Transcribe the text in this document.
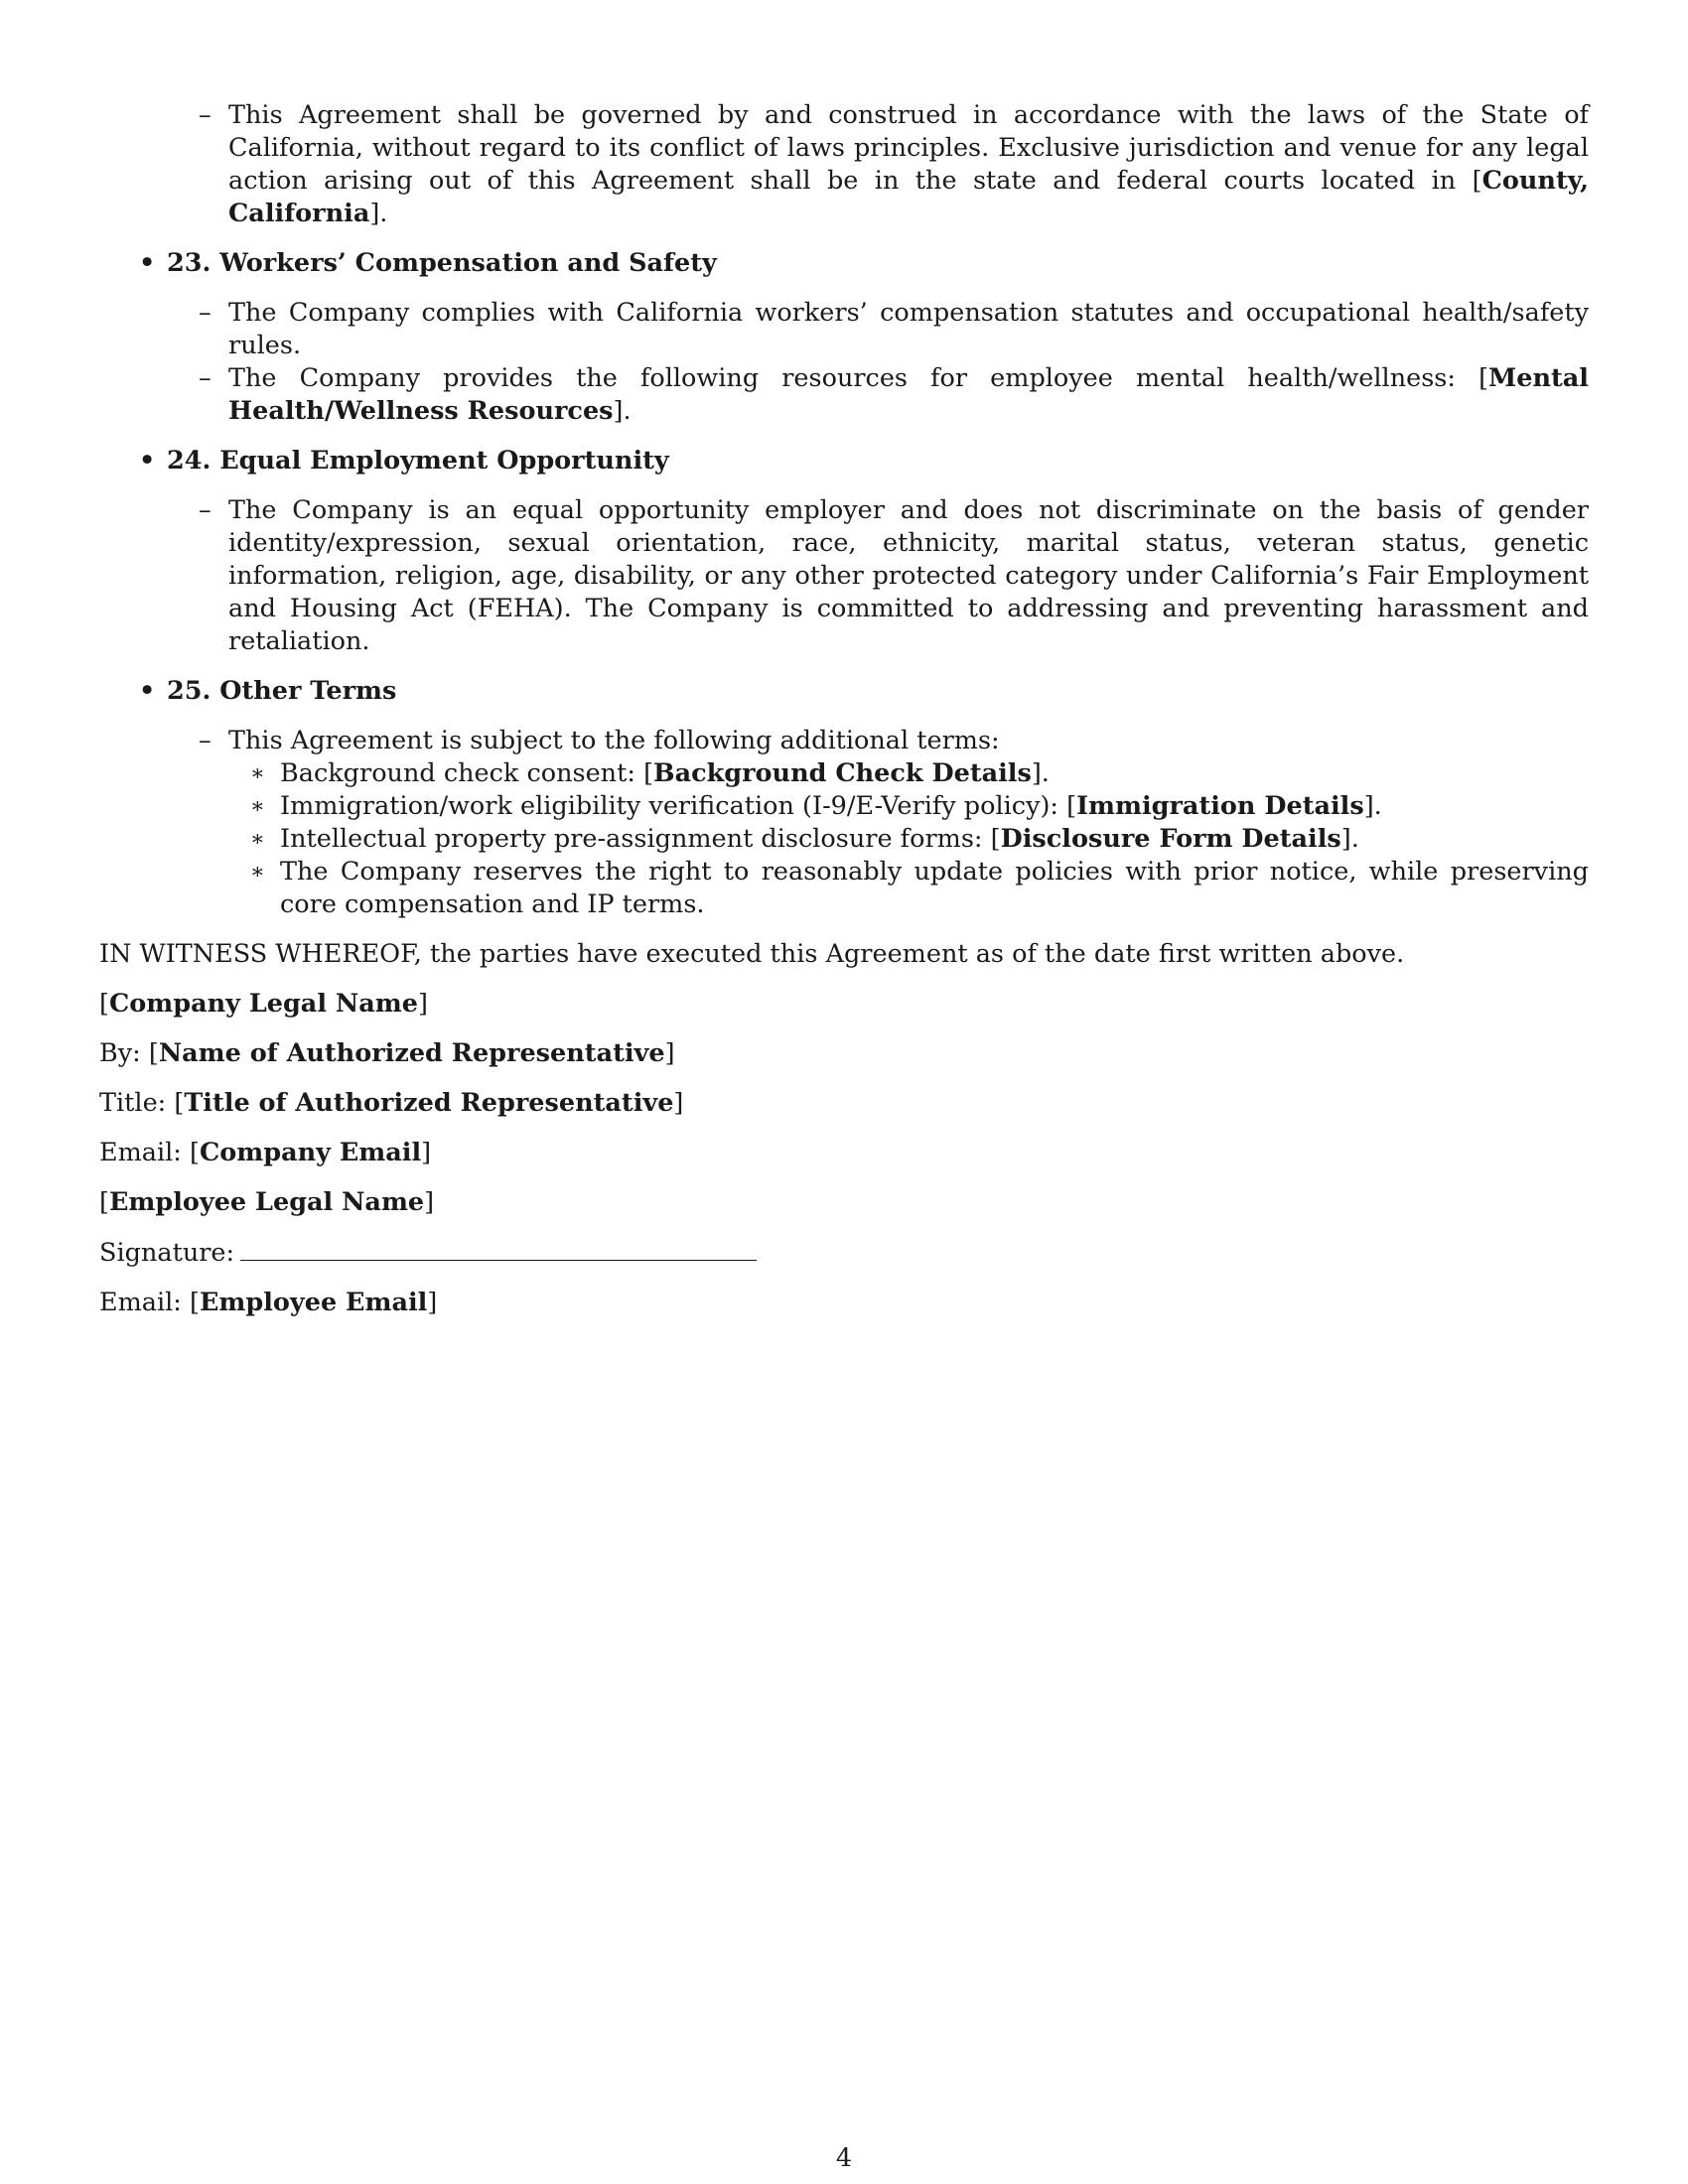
– This Agreement shall be governed by and construed in accordance with the laws of the State of California, without regard to its conflict of laws principles. Exclusive jurisdiction and venue for any legal action arising out of this Agreement shall be in the state and federal courts located in [County, California].
• 23. Workers’ Compensation and Safety
– The Company complies with California workers’ compensation statutes and occupational health/safety rules.
– The Company provides the following resources for employee mental health/wellness: [Mental Health/Wellness Resources].
• 24. Equal Employment Opportunity
– The Company is an equal opportunity employer and does not discriminate on the basis of gender identity/expression, sexual orientation, race, ethnicity, marital status, veteran status, genetic information, religion, age, disability, or any other protected category under California’s Fair Employment and Housing Act (FEHA). The Company is committed to addressing and preventing harassment and retaliation.
• 25. Other Terms
– This Agreement is subject to the following additional terms:
∗ Background check consent: [Background Check Details].
∗ Immigration/work eligibility verification (I-9/E-Verify policy): [Immigration Details].
∗ Intellectual property pre-assignment disclosure forms: [Disclosure Form Details].
∗ The Company reserves the right to reasonably update policies with prior notice, while preserving core compensation and IP terms.

IN WITNESS WHEREOF, the parties have executed this Agreement as of the date first written above.

[Company Legal Name]

By: [Name of Authorized Representative]

Title: [Title of Authorized Representative]

Email: [Company Email]

[Employee Legal Name]

Signature:

Email: [Employee Email]

4
